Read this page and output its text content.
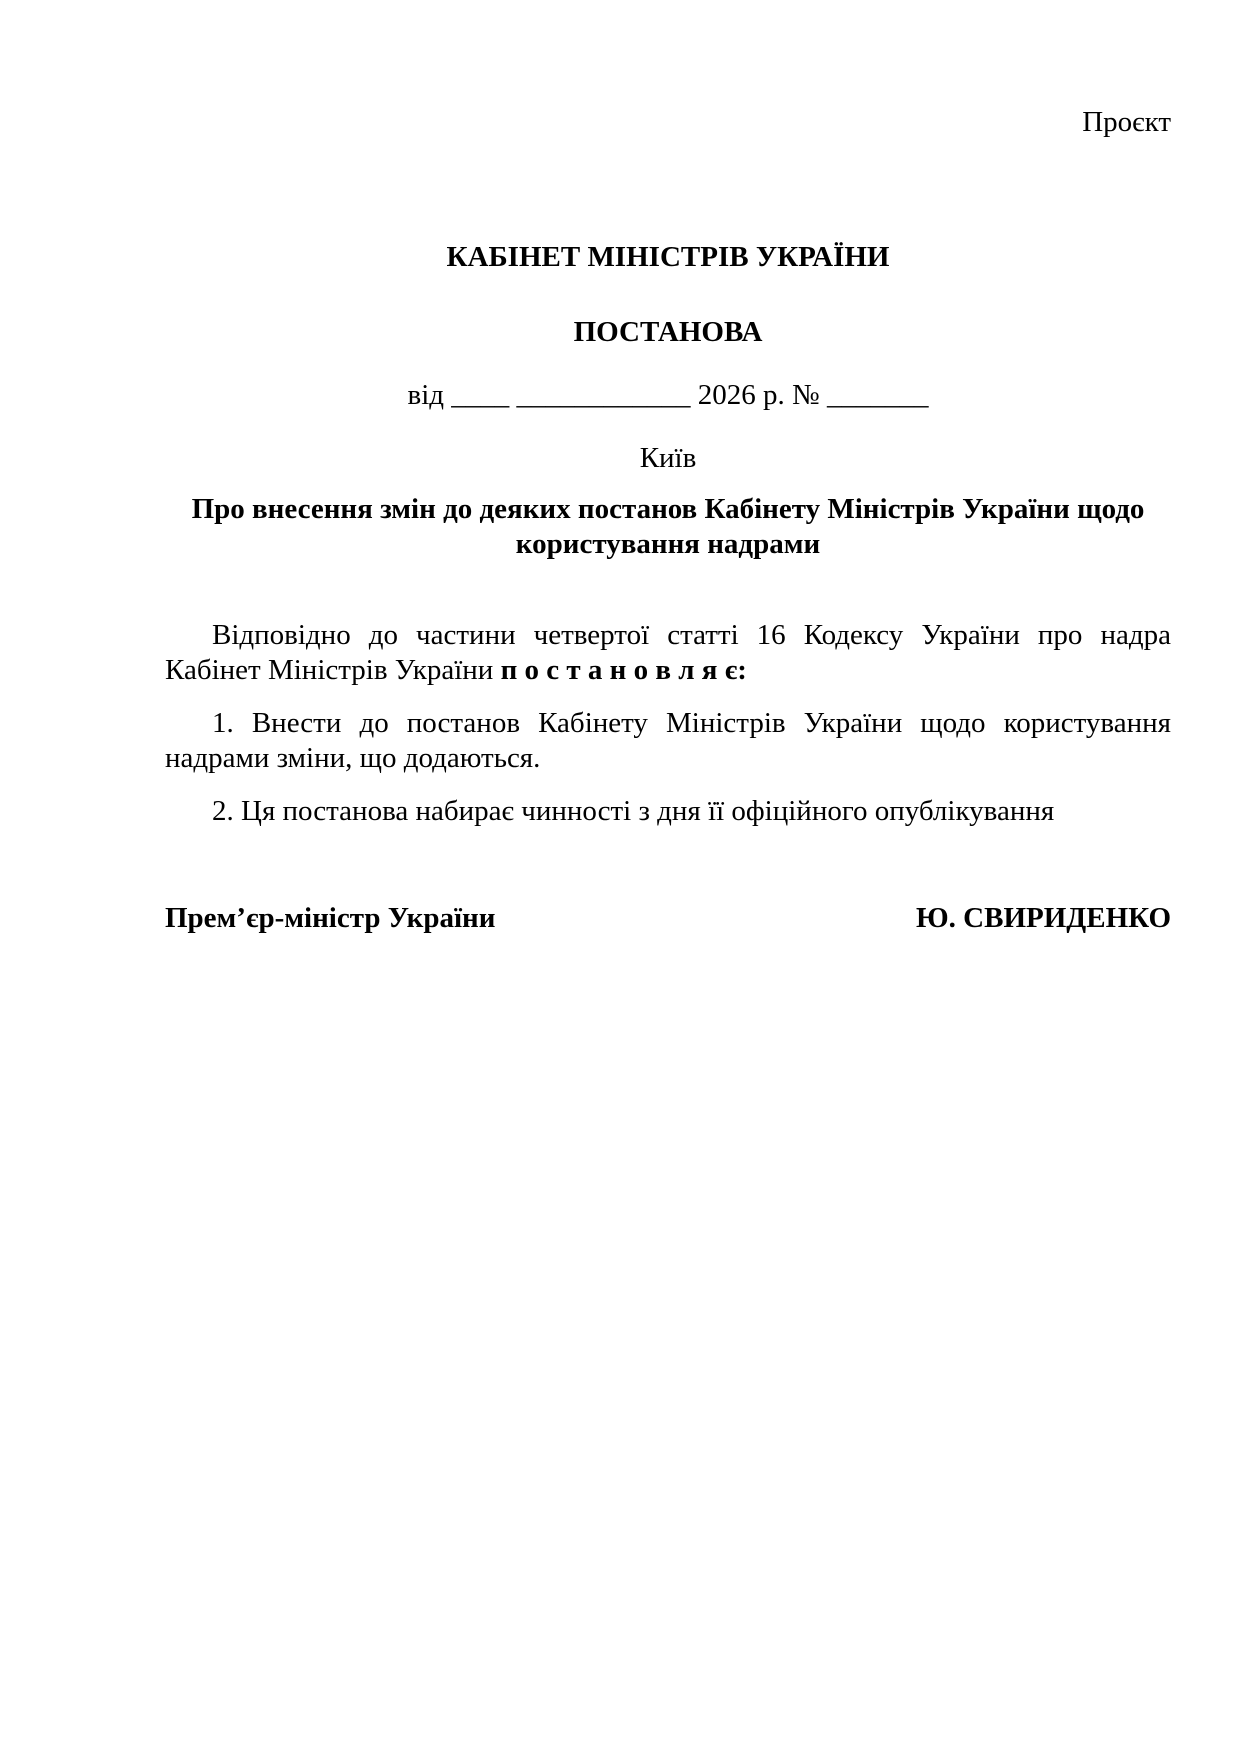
Проєкт
КАБІНЕТ МІНІСТРІВ УКРАЇНИ
ПОСТАНОВА
від ____ ____________ 2026 р. № _______
Київ
Про внесення змін до деяких постанов Кабінету Міністрів України щодо користування надрами
Відповідно до частини четвертої статті 16 Кодексу України про надра Кабінет Міністрів України п о с т а н о в л я є:
1. Внести до постанов Кабінету Міністрів України щодо користування надрами зміни, що додаються.
2. Ця постанова набирає чинності з дня її офіційного опублікування
Прем’єр-міністр України	Ю. СВИРИДЕНКО
